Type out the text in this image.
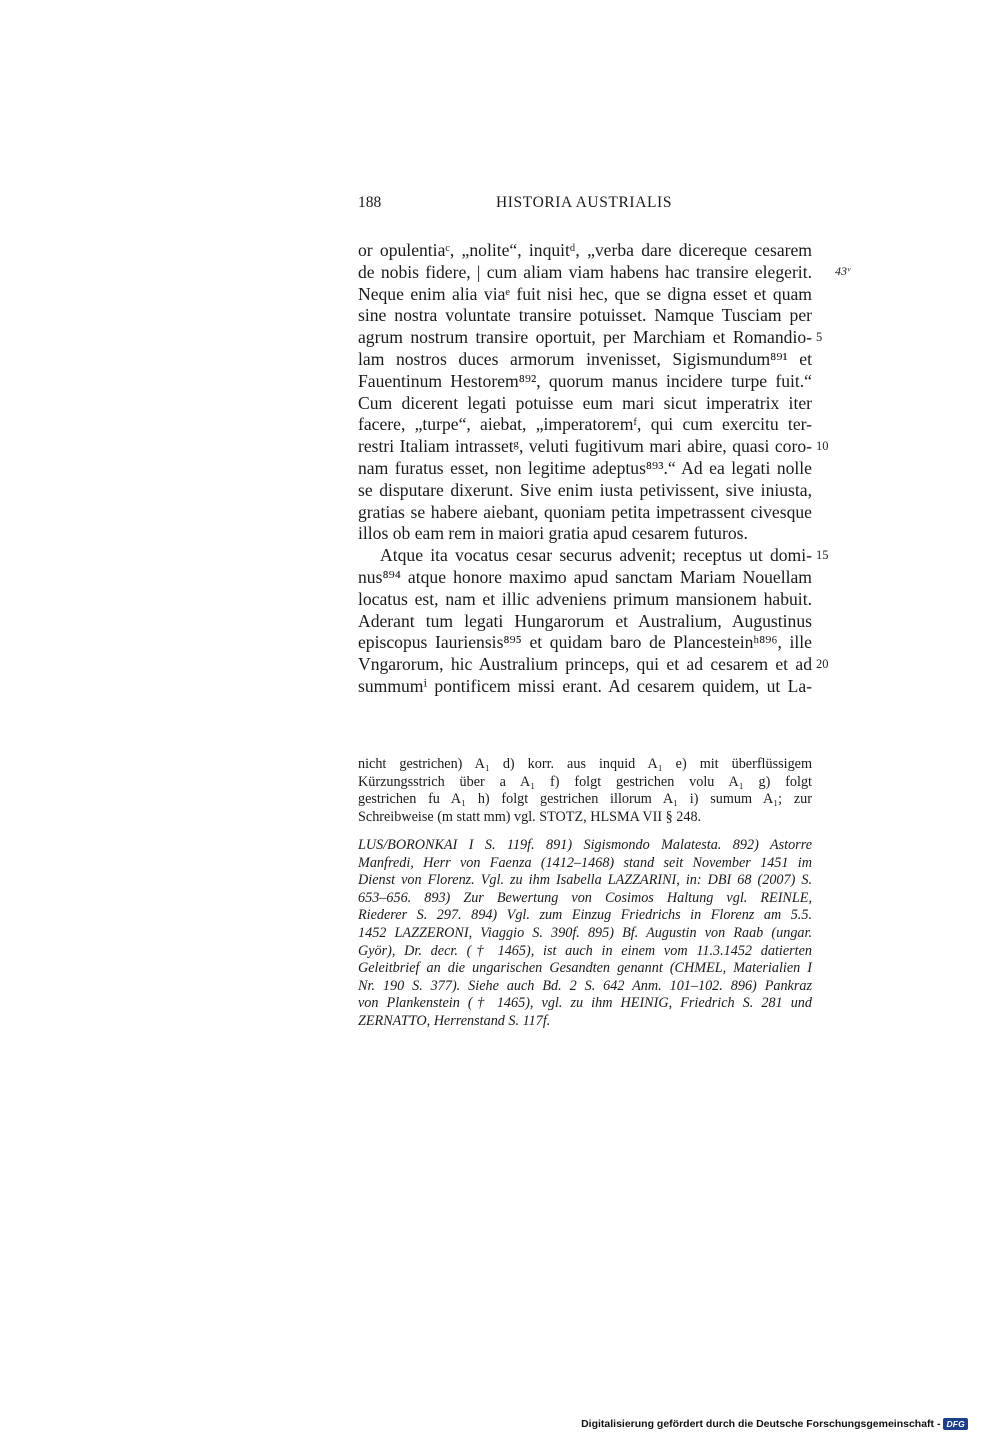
188	HISTORIA AUSTRIALIS
or opulentiaᶜ, „nolite“, inquitᵈ, „verba dare dicereque cesarem
de nobis fidere, | cum aliam viam habens hac transire elegerit.
Neque enim alia viaᵉ fuit nisi hec, que se digna esset et quam
sine nostra voluntate transire potuisset. Namque Tusciam per
agrum nostrum transire oportuit, per Marchiam et Romandio-
lam nostros duces armorum invenisset, Sigismundum⁸⁹¹ et
Fauentinum Hestorem⁸⁹², quorum manus incidere turpe fuit.“
Cum dicerent legati potuisse eum mari sicut imperatrix iter
facere, „turpe“, aiebat, „imperatoremᶠ, qui cum exercitu ter-
restri Italiam intrassetᵍ, veluti fugitivum mari abire, quasi coro-
nam furatus esset, non legitime adeptus⁸⁹³.“ Ad ea legati nolle
se disputare dixerunt. Sive enim iusta petivissent, sive iniusta,
gratias se habere aiebant, quoniam petita impetrassent civesque
illos ob eam rem in maiori gratia apud cesarem futuros.
Atque ita vocatus cesar securus advenit; receptus ut domi-
nus⁸⁹⁴ atque honore maximo apud sanctam Mariam Nouellam
locatus est, nam et illic adveniens primum mansionem habuit.
Aderant tum legati Hungarorum et Australium, Augustinus
episcopus Iauriensis⁸⁹⁵ et quidam baro de Plancesteinʰ⁸⁹⁶, ille
Vngarorum, hic Australium princeps, qui et ad cesarem et ad
summumⁱ pontificem missi erant. Ad cesarem quidem, ut La-
43ᵛ
5
10
15
20
nicht gestrichen) A₁ d) korr. aus inquid A₁ e) mit überflüssigem
Kürzungsstrich über a A₁ f) folgt gestrichen volu A₁ g) folgt
gestrichen fu A₁ h) folgt gestrichen illorum A₁ i) sumum A₁; zur
Schreibweise (m statt mm) vgl. STOTZ, HLSMA VII § 248.
LUS/BORONKAI I S. 119f. 891) Sigismondo Malatesta. 892) Astorre
Manfredi, Herr von Faenza (1412–1468) stand seit November 1451 im
Dienst von Florenz. Vgl. zu ihm Isabella LAZZARINI, in: DBI 68 (2007) S.
653–656. 893) Zur Bewertung von Cosimos Haltung vgl. REINLE,
Riederer S. 297. 894) Vgl. zum Einzug Friedrichs in Florenz am 5.5.
1452 LAZZERONI, Viaggio S. 390f. 895) Bf. Augustin von Raab (ungar.
Györ), Dr. decr. († 1465), ist auch in einem vom 11.3.1452 datierten
Geleitbrief an die ungarischen Gesandten genannt (CHMEL, Materialien I
Nr. 190 S. 377). Siehe auch Bd. 2 S. 642 Anm. 101–102. 896) Pankraz
von Plankenstein († 1465), vgl. zu ihm HEINIG, Friedrich S. 281 und
ZERNATTO, Herrenstand S. 117f.
Digitalisierung gefördert durch die Deutsche Forschungsgemeinschaft - DFG
